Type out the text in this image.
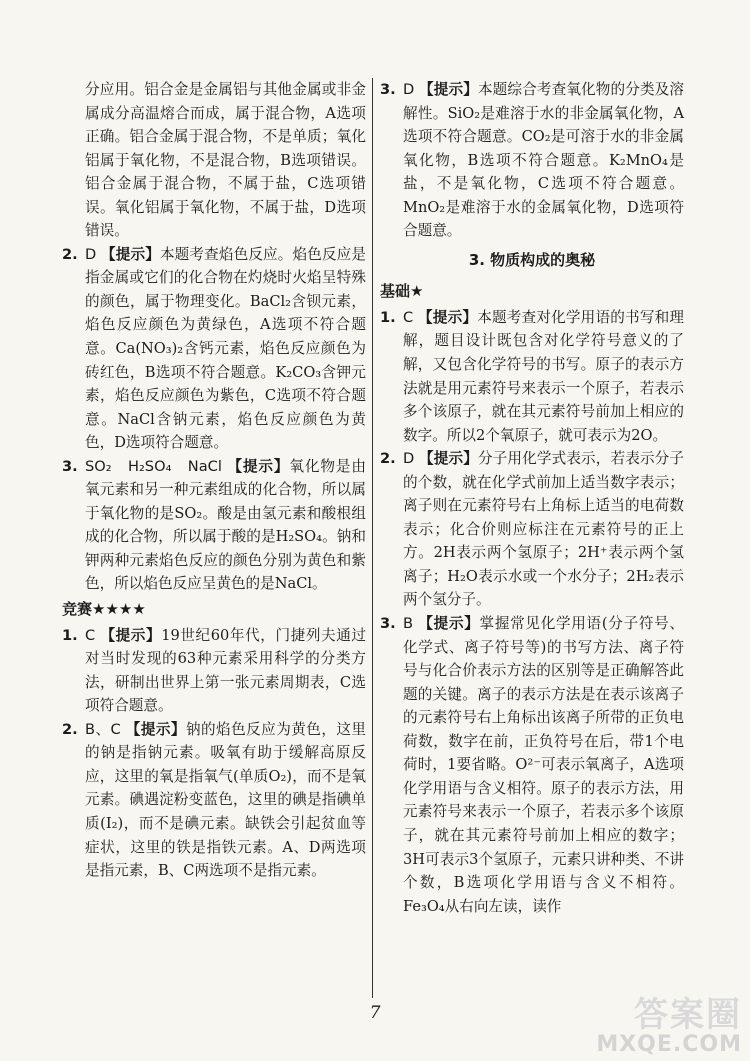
分应用。铝合金是金属铝与其他金属或非金属成分高温熔合而成，属于混合物，A选项正确。铝合金属于混合物，不是单质；氧化铝属于氧化物，不是混合物，B选项错误。铝合金属于混合物，不属于盐，C选项错误。氧化铝属于氧化物，不属于盐，D选项错误。

2. D 【提示】本题考查焰色反应。焰色反应是指金属或它们的化合物在灼烧时火焰呈特殊的颜色，属于物理变化。BaCl₂含钡元素，焰色反应颜色为黄绿色，A选项不符合题意。Ca(NO₃)₂含钙元素，焰色反应颜色为砖红色，B选项不符合题意。K₂CO₃含钾元素，焰色反应颜色为紫色，C选项不符合题意。NaCl含钠元素，焰色反应颜色为黄色，D选项符合题意。
3. SO₂　H₂SO₄　NaCl 【提示】氧化物是由氧元素和另一种元素组成的化合物，所以属于氧化物的是SO₂。酸是由氢元素和酸根组成的化合物，所以属于酸的是H₂SO₄。钠和钾两种元素焰色反应的颜色分别为黄色和紫色，所以焰色反应呈黄色的是NaCl。
竞赛★★★★
1. C 【提示】19世纪60年代，门捷列夫通过对当时发现的63种元素采用科学的分类方法，研制出世界上第一张元素周期表，C选项符合题意。
2. B、C 【提示】钠的焰色反应为黄色，这里的钠是指钠元素。吸氧有助于缓解高原反应，这里的氧是指氧气(单质O₂)，而不是氧元素。碘遇淀粉变蓝色，这里的碘是指碘单质(I₂)，而不是碘元素。缺铁会引起贫血等症状，这里的铁是指铁元素。A、D两选项是指元素，B、C两选项不是指元素。
3. D 【提示】本题综合考查氧化物的分类及溶解性。SiO₂是难溶于水的非金属氧化物，A选项不符合题意。CO₂是可溶于水的非金属氧化物，B选项不符合题意。K₂MnO₄是盐，不是氧化物，C选项不符合题意。MnO₂是难溶于水的金属氧化物，D选项符合题意。
3. 物质构成的奥秘
基础★
1. C 【提示】本题考查对化学用语的书写和理解，题目设计既包含对化学符号意义的了解，又包含化学符号的书写。原子的表示方法就是用元素符号来表示一个原子，若表示多个该原子，就在其元素符号前加上相应的数字。所以2个氧原子，就可表示为2O。
2. D 【提示】分子用化学式表示，若表示分子的个数，就在化学式前加上适当数字表示；离子则在元素符号右上角标上适当的电荷数表示；化合价则应标注在元素符号的正上方。2H表示两个氢原子；2H⁺表示两个氢离子；H₂O表示水或一个水分子；2H₂表示两个氢分子。
3. B 【提示】掌握常见化学用语(分子符号、化学式、离子符号等)的书写方法、离子符号与化合价表示方法的区别等是正确解答此题的关键。离子的表示方法是在表示该离子的元素符号右上角标出该离子所带的正负电荷数，数字在前，正负符号在后，带1个电荷时，1要省略。O²⁻可表示氧离子，A选项化学用语与含义相符。原子的表示方法，用元素符号来表示一个原子，若表示多个该原子，就在其元素符号前加上相应的数字；3H可表示3个氢原子，元素只讲种类、不讲个数，B选项化学用语与含义不相符。Fe₃O₄从右向左读，读作
7	答案圈
MXQE.COM
